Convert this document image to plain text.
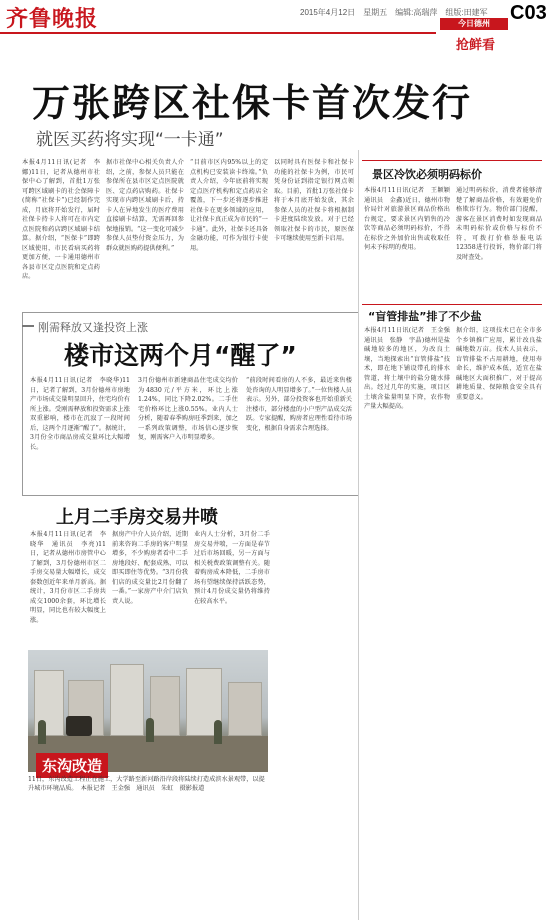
齐鲁晚报	2015年4月12日　星期五　编辑:高瑞萍　组版:田建军
今日德州	C03
抢鲜看
万张跨区社保卡首次发行
就医买药将实现“一卡通”
本报4月11日讯(记者　李娜)11日，记者从德州市社保中心了解到，首批1万张可跨区域刷卡的社会保障卡(简称“社保卡”)已经制作完成，月底将开始发行，届时社保卡持卡人将可在市内定点医院和药店跨区域刷卡结算。据介绍，“医保卡”即跨区域使用，市民看病买药将更加方便，一卡通用德州市各县市区定点医院和定点药店。
据市社保中心相关负责人介绍，之前，参保人员只能在参保所在县市区定点医院就医、定点药店购药。社保卡实现市内跨区域刷卡后，持卡人在异地发生的医疗费用直接刷卡结算，无需再回参保地报销。“这一变化可减少参保人员垫付资金压力，为群众就医购药提供便利。”
“目前市区内95%以上的定点机构已安装读卡终端。”负责人介绍，今年底前将实现定点医疗机构和定点药店全覆盖，下一步还将逐步推进社保卡在更多领域的应用，让社保卡真正成为市民的“一卡通”。此外，社保卡还具备金融功能，可作为银行卡使用。
以同时具有医保卡和社保卡功能的社保卡为例，市民可凭身份证到指定银行网点领取。目前，首批1万张社保卡将于本月底开始发放，其余参保人员的社保卡将根据制卡进度陆续发放。对于已经领取社保卡的市民，原医保卡可继续使用至新卡启用。
景区冷饮必须明码标价
本报4月11日讯(记者　王颖颖　通讯员　金鑫)近日，德州市物价局针对旅游景区商品价格出台规定，要求景区内销售的冷饮等商品必须明码标价，不得在标价之外加价出售或收取任何未予标明的费用。
通过明码标价，消费者能够清楚了解商品价格，有效避免价格欺诈行为。物价部门提醒，游客在景区消费时如发现商品未明码标价或价格与标价不符，可拨打价格举报电话12358进行投诉，物价部门将及时查处。
“盲管排盐”排了不少盐
本报4月11日讯(记者　王金强　通讯员　张静　宇晶)德州是盐碱地较多的地区，为改良土壤，当地探索出“盲管排盐”技术，即在地下铺设带孔的排水管道，将土壤中的盐分随水排出。经过几年的实施，项目区土壤含盐量明显下降，农作物产量大幅提高。
据介绍，这项技术已在全市多个乡镇推广应用，累计改良盐碱地数万亩。技术人员表示，盲管排盐不占用耕地，使用寿命长，维护成本低，适宜在盐碱地区大面积推广，对于提高耕地质量、保障粮食安全具有重要意义。
刚需释放又逢投资上涨
楼市这两个月“醒了”
本报4月11日讯(记者　李晓华)11日，记者了解到，3月份德州市房地产市场成交量明显回升，住宅均价有所上涨。受刚需释放和投资需求上涨双重影响，楼市在沉寂了一段时间后，这两个月逐渐“醒了”。据统计，3月份全市商品房成交量环比大幅增长。
3月份德州市新建商品住宅成交均价为4830元/平方米，环比上涨1.24%，同比下降2.02%。二手住宅价格环比上涨0.55%。业内人士分析，随着春季购房旺季到来，加之一系列政策调整，市场信心逐步恢复，刚需客户入市明显增多。
“前段时间看房的人不多，最近来售楼处咨询的人明显增多了。”一位售楼人员表示。另外，部分投资客也开始重新关注楼市，部分楼盘的小户型产品成交活跃。专家提醒，购房者应理性看待市场变化，根据自身需求合理选择。
上月二手房交易井喷
本报4月11日讯(记者　李晓华　通讯员　李亮)11日，记者从德州市房管中心了解到，3月份德州市区二手房交易量大幅增长，成交套数创近年来单月新高。据统计，3月份市区二手房共成交1000余套，环比增长明显，同比也有较大幅度上涨。
据房产中介人员介绍，近期前来咨询二手房的客户明显增多，不少购房者看中二手房地段好、配套成熟、可以即买即住等优势。“3月份我们店的成交量比2月份翻了一番。”一家房产中介门店负责人说。
业内人士分析，3月份二手房交易井喷，一方面是春节过后市场回暖，另一方面与相关税费政策调整有关。随着购房成本降低，二手房市场有望继续保持活跃态势，预计4月份成交量仍将维持在较高水平。
东沟改造
11日，东沟改造工程正在施工，大学路至新河路沿岸段将陆续打造成滨水景观带，以提升城市环境品质。　本报记者　王金强　通讯员　朱虹　摄影报道
